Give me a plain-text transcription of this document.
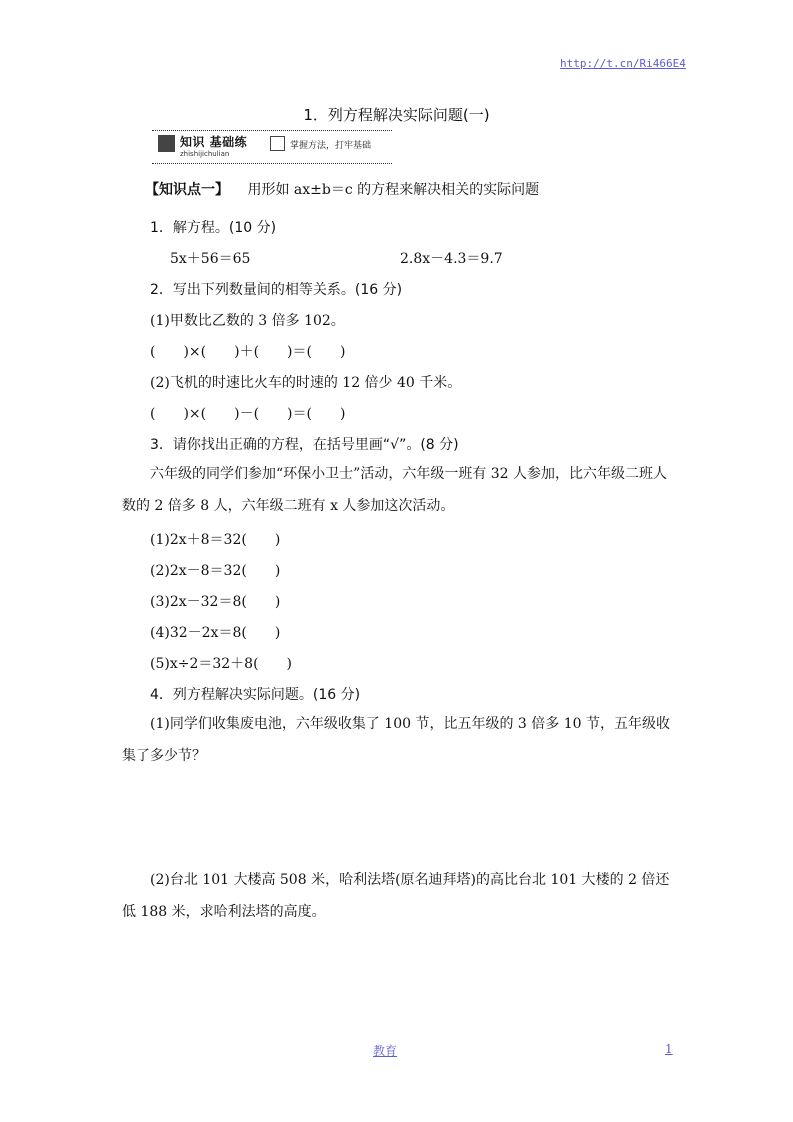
http://t.cn/Ri466E4
1．列方程解决实际问题(一)
知识 基础练
zhishijichulian
掌握方法，打牢基础
【知识点一】 用形如 ax±b＝c 的方程来解决相关的实际问题
1．解方程。(10 分)
5x＋56＝65	2.8x－4.3＝9.7
2．写出下列数量间的相等关系。(16 分)
(1)甲数比乙数的 3 倍多 102。
(　　)×(　　)＋(　　)＝(　　)
(2)飞机的时速比火车的时速的 12 倍少 40 千米。
(　　)×(　　)－(　　)＝(　　)
3．请你找出正确的方程，在括号里画“√”。(8 分)
六年级的同学们参加“环保小卫士”活动，六年级一班有 32 人参加，比六年级二班人数的 2 倍多 8 人，六年级二班有 x 人参加这次活动。
(1)2x＋8＝32(　　)
(2)2x－8＝32(　　)
(3)2x－32＝8(　　)
(4)32－2x＝8(　　)
(5)x÷2＝32＋8(　　)
4．列方程解决实际问题。(16 分)
(1)同学们收集废电池，六年级收集了 100 节，比五年级的 3 倍多 10 节，五年级收集了多少节？
(2)台北 101 大楼高 508 米，哈利法塔(原名迪拜塔)的高比台北 101 大楼的 2 倍还低 188 米，求哈利法塔的高度。
教育	1
